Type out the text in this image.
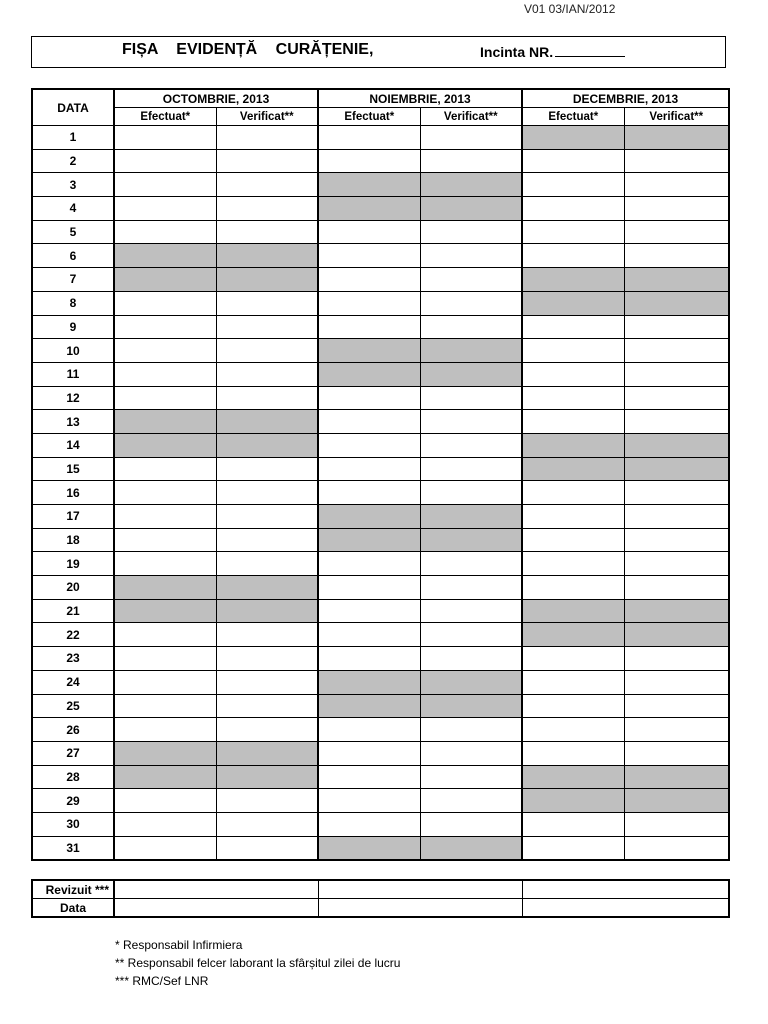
V01 03/IAN/2012
FIȘA EVIDENȚĂ CURĂȚENIE,	Incinta NR.
DATA	OCTOMBRIE, 2013		NOIEMBRIE, 2013		DECEMBRIE, 2013	
	Efectuat*	Verificat**	Efectuat*	Verificat**	Efectuat*	Verificat**
1						
2						
3						
4						
5						
6						
7						
8						
9						
10						
11						
12						
13						
14						
15						
16						
17						
18						
19						
20						
21						
22						
23						
24						
25						
26						
27						
28						
29						
30						
31						
Revizuit ***			
Data			
* Responsabil Infirmiera
** Responsabil felcer laborant la sfârșitul zilei de lucru
*** RMC/Sef LNR
